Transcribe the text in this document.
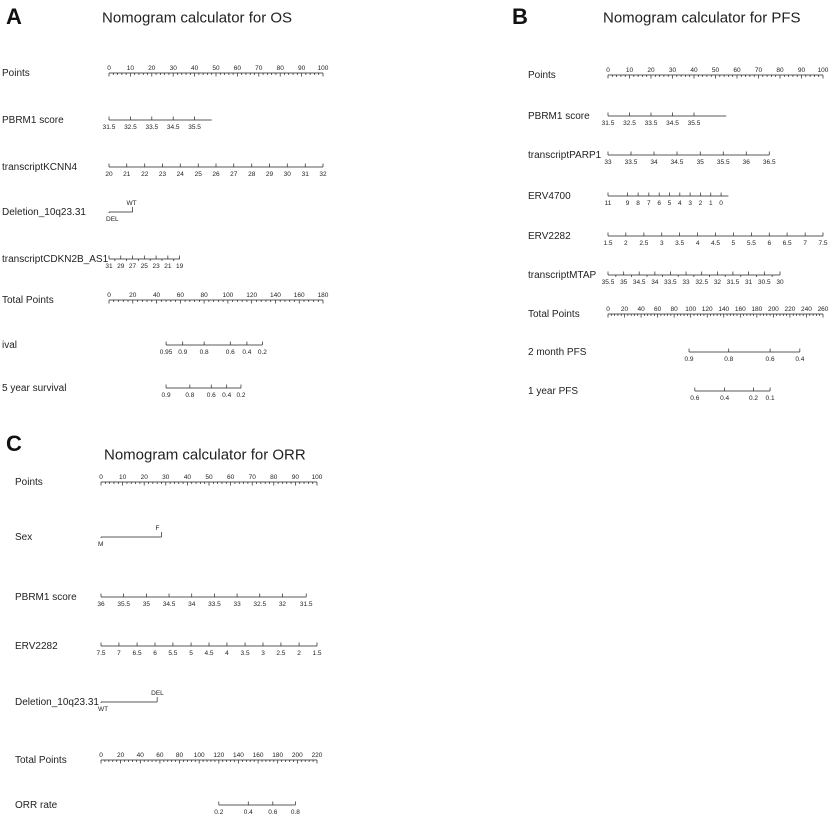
A	Nomogram calculator for OS
Points	0 10 20 30 40 50 60 70 80 90 100
PBRM1 score
31.5 32.5 33.5 34.5 35.5
transcriptKCNN4
20 21 22 23 24 25 26 27 28 29 30 31 32
Deletion_10q23.31
DEL
WT
transcriptCDKN2B_AS1
31 29 27 25 23 21 19
Total Points	0	20	40	60	80 100 120 140 160 180
ival
0.95 0.9 0.8	0.6 0.4 0.2
5 year survival
0.9 0.8 0.6 0.4 0.2
B	Nomogram calculator for PFS
Points	0 10 20 30 40 50 60 70 80 90 100
PBRM1 score
31.5 32.5 33.5 34.5 35.5
transcriptPARP1
33 33.5 34 34.5 35 35.5 36 36.5
ERV4700
11 9 8 7 6 5 4 3 2 1 0
ERV2282
1.5 2 2.5 3 3.5 4 4.5 5 5.5 6 6.5 7 7.5
transcriptMTAP
35.5 35 34.5 34 33.5 33 32.5 32 31.5 31 30.5 30
Total Points	0 20 40 60 80 100 120 140 160 180 200 220 240 260
2 month PFS
0.9	0.8	0.6	0.4
1 year PFS
0.6	0.4	0.2 0.1
C	Nomogram calculator for ORR
Points	0 10 20 30 40 50 60 70 80 90 100
Sex
M
F
PBRM1 score
36 35.5 35 34.5 34 33.5 33 32.5 32 31.5
ERV2282
7.5 7 6.5 6 5.5 5 4.5 4 3.5 3 2.5 2 1.5
Deletion_10q23.31
WT
DEL
Total Points	0 20 40 60 80 100 120 140 160 180 200 220
ORR rate
0.2	0.4 0.6 0.8
